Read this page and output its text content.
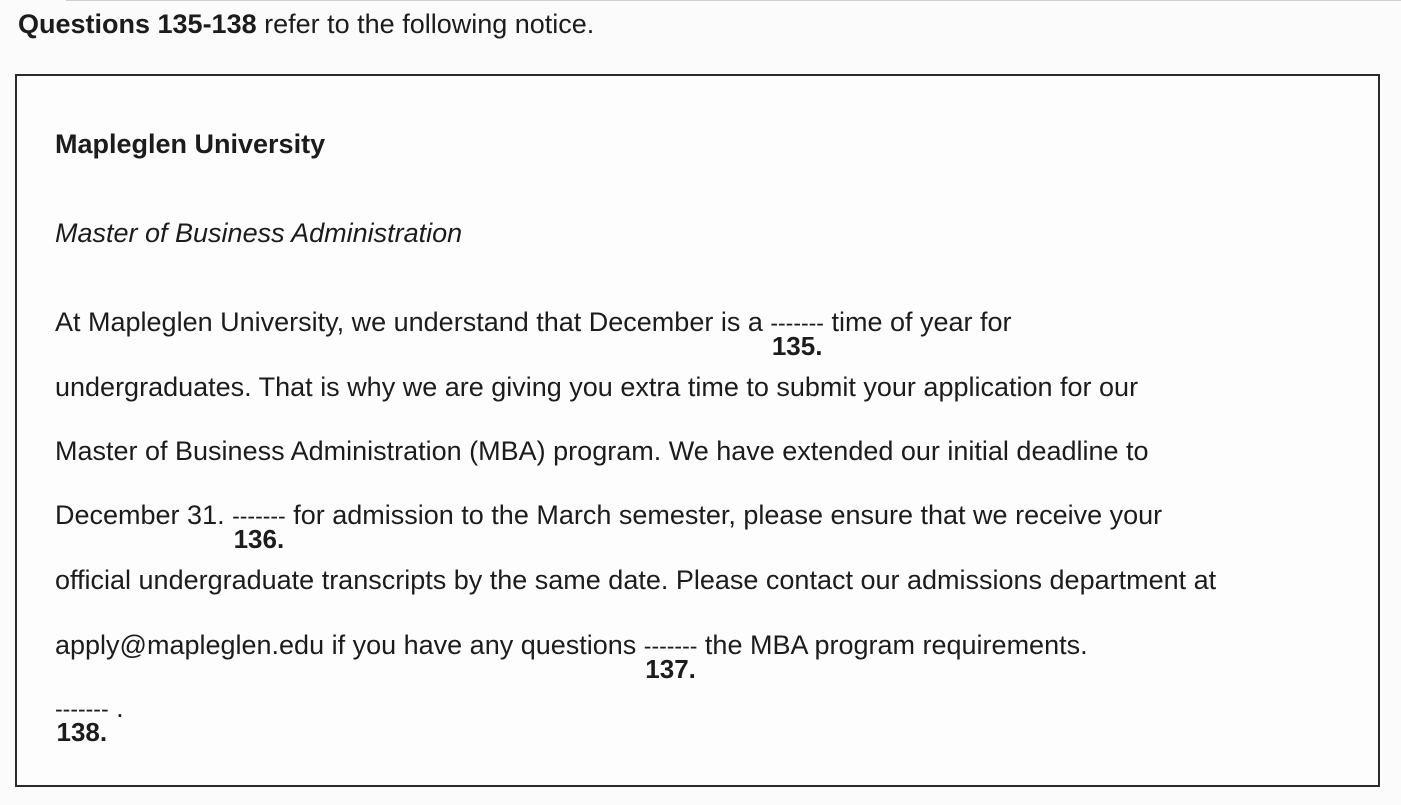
Questions 135-138 refer to the following notice.
Mapleglen University
Master of Business Administration
At Mapleglen University, we understand that December is a -------
135.
time of year for
undergraduates. That is why we are giving you extra time to submit your application for our
Master of Business Administration (MBA) program. We have extended our initial deadline to
December 31. -------
136.
for admission to the March semester, please ensure that we receive your
official undergraduate transcripts by the same date. Please contact our admissions department at
apply@mapleglen.edu if you have any questions -------
137.
the MBA program requirements.
-------
138.
.
